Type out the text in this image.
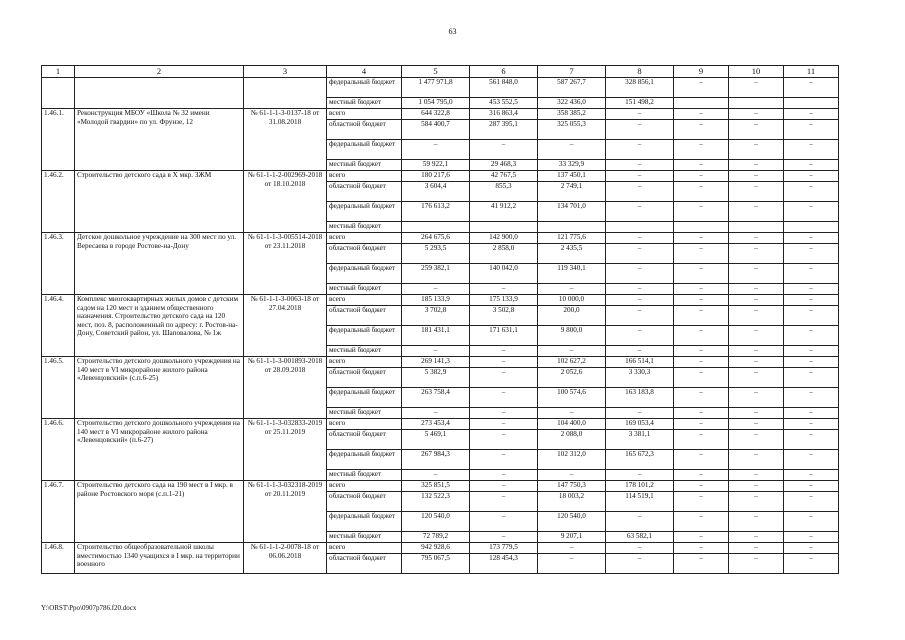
63
1	2	3	4	5	6	7	8	9	10	11
			федеральный бюджет	1 477 971,8	561 848,0	587 267,7	328 856,1	–	–	–
			местный бюджет	1 054 795,0	453 552,5	322 436,0	151 498,2			
1.46.1.	Реконструкция МБОУ «Школа № 32 имени «Молодой гвардии» по ул. Фрунзе, 12	№ 61-1-1-3-0137-18 от 31.08.2018	всего	644 322,8	316 863,4	358 385,2	–	–	–	–
			областной бюджет	584 400,7	287 395,1	325 055,3	–	–	–	–
			федеральный бюджет	–	–	–	–	–	–	–
			местный бюджет	59 922,1	29 468,3	33 329,9	–	–	–	–
1.46.2.	Строительство детского сада в Х мкр. ЗЖМ	№ 61-1-1-2-002969-2018 от 18.10.2018	всего	180 217,6	42 767,5	137 450,1	–	–	–	–
			областной бюджет	3 604,4	855,3	2 749,1	–	–	–	–
			федеральный бюджет	176 613,2	41 912,2	134 701,0	–	–	–	–
			местный бюджет							
1.46.3.	Детское дошкольное учреждение на 300 мест по ул. Вересаева в городе Ростове-на-Дону	№ 61-1-1-3-005514-2018 от 23.11.2018	всего	264 675,6	142 900,0	121 775,6	–	–	–	–
			областной бюджет	5 293,5	2 858,0	2 435,5	–	–	–	–
			федеральный бюджет	259 382,1	140 042,0	119 340,1	–	–	–	–
			местный бюджет	–	–	–	–	–	–	–
1.46.4.	Комплекс многоквартирных жилых домов с детским садом на 120 мест и зданием общественного назначения. Строительство детского сада на 120 мест, поз. 8, расположенный по адресу: г. Ростов-на-Дону, Советский район, ул. Шаповалова, № 1ж	№ 61-1-1-3-0063-18 от 27.04.2018	всего	185 133,9	175 133,9	10 000,0	–	–	–	–
			областной бюджет	3 702,8	3 502,8	200,0	–	–	–	–
			федеральный бюджет	181 431,1	171 631,1	9 800,0	–	–	–	–
			местный бюджет	–	–	–	–	–	–	–
1.46.5.	Строительство детского дошкольного учреждения на 140 мест в VI микрорайоне жилого района «Левенцовский» (с.п.6-25)	№ 61-1-1-3-001893-2018 от 28.09.2018	всего	269 141,3	–	102 627,2	166 514,1	–	–	–
			областной бюджет	5 382,9	–	2 052,6	3 330,3	–	–	–
			федеральный бюджет	263 758,4	–	100 574,6	163 183,8	–	–	–
			местный бюджет	–	–	–	–	–	–	–
1.46.6.	Строительство детского дошкольного учреждения на 140 мест в VI микрорайоне жилого района «Левенцовский» (п.6-27)	№ 61-1-1-3-032833-2019 от 25.11.2019	всего	273 453,4	–	104 400,0	169 053,4	–	–	–
			областной бюджет	5 469,1	–	2 088,0	3 381,1	–	–	–
			федеральный бюджет	267 984,3	–	102 312,0	165 672,3	–	–	–
			местный бюджет	–	–	–	–	–	–	–
1.46.7.	Строительство детского сада на 190 мест в I мкр. в районе Ростовского моря (с.п.1-21)	№ 61-1-1-3-032318-2019 от 20.11.2019	всего	325 851,5	–	147 750,3	178 101,2	–	–	–
			областной бюджет	132 522,3	–	18 003,2	114 519,1	–	–	–
			федеральный бюджет	120 540,0	–	120 540,0	–	–	–	–
			местный бюджет	72 789,2	–	9 207,1	63 582,1	–	–	–
1.46.8.	Строительство общеобразовательной школы вместимостью 1340 учащихся в I мкр. на территории военного	№ 61-1-1-2-0078-18 от 06.06.2018	всего	942 928,6	173 779,5	–	–	–	–	–
			областной бюджет	795 067,5	128 454,3	–	–	–	–	–
Y:\ORST\Ppo\0907p786.f20.docx
